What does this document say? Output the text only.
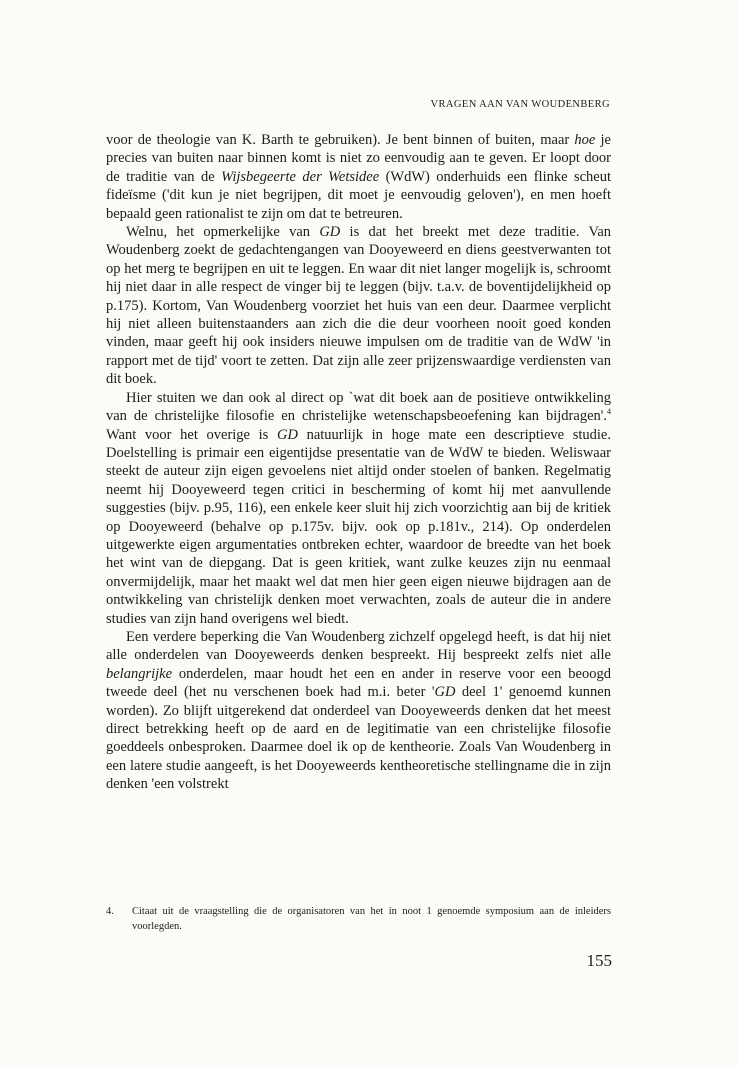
VRAGEN AAN VAN WOUDENBERG

voor de theologie van K. Barth te gebruiken). Je bent binnen of buiten, maar hoe je precies van buiten naar binnen komt is niet zo eenvoudig aan te geven. Er loopt door de traditie van de Wijsbegeerte der Wetsidee (WdW) onderhuids een flinke scheut fideïsme ('dit kun je niet begrijpen, dit moet je eenvoudig geloven'), en men hoeft bepaald geen rationalist te zijn om dat te betreuren.

Welnu, het opmerkelijke van GD is dat het breekt met deze traditie. Van Woudenberg zoekt de gedachtengangen van Dooyeweerd en diens geestverwanten tot op het merg te begrijpen en uit te leggen. En waar dit niet langer mogelijk is, schroomt hij niet daar in alle respect de vinger bij te leggen (bijv. t.a.v. de boventijdelijkheid op p.175). Kortom, Van Woudenberg voorziet het huis van een deur. Daarmee verplicht hij niet alleen buitenstaanders aan zich die die deur voorheen nooit goed konden vinden, maar geeft hij ook insiders nieuwe impulsen om de traditie van de WdW 'in rapport met de tijd' voort te zetten. Dat zijn alle zeer prijzenswaardige verdiensten van dit boek.

Hier stuiten we dan ook al direct op `wat dit boek aan de positieve ontwikkeling van de christelijke filosofie en christelijke wetenschapsbeoefening kan bijdragen'.$^4$ Want voor het overige is GD natuurlijk in hoge mate een descriptieve studie. Doelstelling is primair een eigentijdse presentatie van de WdW te bieden. Weliswaar steekt de auteur zijn eigen gevoelens niet altijd onder stoelen of banken. Regelmatig neemt hij Dooyeweerd tegen critici in bescherming of komt hij met aanvullende suggesties (bijv. p.95, 116), een enkele keer sluit hij zich voorzichtig aan bij de kritiek op Dooyeweerd (behalve op p.175v. bijv. ook op p.181v., 214). Op onderdelen uitgewerkte eigen argumentaties ontbreken echter, waardoor de breedte van het boek het wint van de diepgang. Dat is geen kritiek, want zulke keuzes zijn nu eenmaal onvermijdelijk, maar het maakt wel dat men hier geen eigen nieuwe bijdragen aan de ontwikkeling van christelijk denken moet verwachten, zoals de auteur die in andere studies van zijn hand overigens wel biedt.

Een verdere beperking die Van Woudenberg zichzelf opgelegd heeft, is dat hij niet alle onderdelen van Dooyeweerds denken bespreekt. Hij bespreekt zelfs niet alle belangrijke onderdelen, maar houdt het een en ander in reserve voor een beoogd tweede deel (het nu verschenen boek had m.i. beter 'GD deel 1' genoemd kunnen worden). Zo blijft uitgerekend dat onderdeel van Dooyeweerds denken dat het meest direct betrekking heeft op de aard en de legitimatie van een christelijke filosofie goeddeels onbesproken. Daarmee doel ik op de kentheorie. Zoals Van Woudenberg in een latere studie aangeeft, is het Dooyeweerds kentheoretische stellingname die in zijn denken 'een volstrekt

4.	Citaat uit de vraagstelling die de organisatoren van het in noot 1 genoemde symposium aan de inleiders voorlegden.
155
